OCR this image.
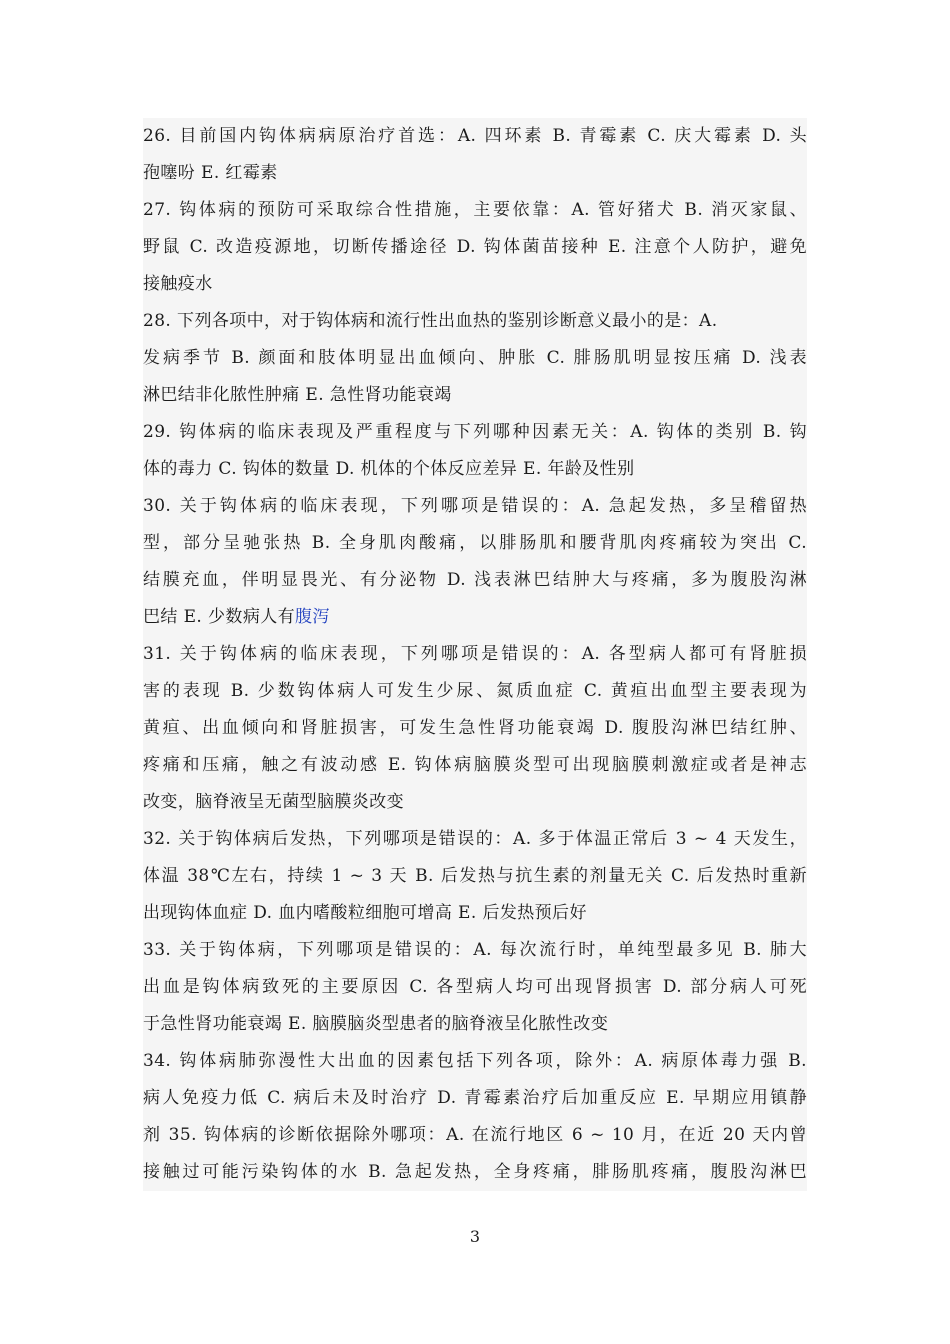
26. 目前国内钩体病病原治疗首选：A. 四环素 B. 青霉素 C. 庆大霉素 D. 头
孢噻吩 E. 红霉素
27. 钩体病的预防可采取综合性措施，主要依靠：A. 管好猪犬 B. 消灭家鼠、
野鼠 C. 改造疫源地，切断传播途径 D. 钩体菌苗接种 E. 注意个人防护，避免
接触疫水
28. 下列各项中，对于钩体病和流行性出血热的鉴别诊断意义最小的是：A.
发病季节 B. 颜面和肢体明显出血倾向、肿胀 C. 腓肠肌明显按压痛 D. 浅表
淋巴结非化脓性肿痛 E. 急性肾功能衰竭
29. 钩体病的临床表现及严重程度与下列哪种因素无关：A. 钩体的类别 B. 钩
体的毒力 C. 钩体的数量 D. 机体的个体反应差异 E. 年龄及性别
30. 关于钩体病的临床表现，下列哪项是错误的：A. 急起发热，多呈稽留热
型，部分呈驰张热 B. 全身肌肉酸痛，以腓肠肌和腰背肌肉疼痛较为突出 C.
结膜充血，伴明显畏光、有分泌物 D. 浅表淋巴结肿大与疼痛，多为腹股沟淋
巴结 E. 少数病人有腹泻
31. 关于钩体病的临床表现，下列哪项是错误的：A. 各型病人都可有肾脏损
害的表现 B. 少数钩体病人可发生少尿、氮质血症 C. 黄疸出血型主要表现为
黄疸、出血倾向和肾脏损害，可发生急性肾功能衰竭 D. 腹股沟淋巴结红肿、
疼痛和压痛，触之有波动感 E. 钩体病脑膜炎型可出现脑膜刺激症或者是神志
改变，脑脊液呈无菌型脑膜炎改变
32. 关于钩体病后发热，下列哪项是错误的：A. 多于体温正常后 3 ~ 4 天发生，
体温 38℃左右，持续 1 ~ 3 天 B. 后发热与抗生素的剂量无关 C. 后发热时重新
出现钩体血症 D. 血内嗜酸粒细胞可增高 E. 后发热预后好
33. 关于钩体病，下列哪项是错误的：A. 每次流行时，单纯型最多见 B. 肺大
出血是钩体病致死的主要原因 C. 各型病人均可出现肾损害 D. 部分病人可死
于急性肾功能衰竭 E. 脑膜脑炎型患者的脑脊液呈化脓性改变
34. 钩体病肺弥漫性大出血的因素包括下列各项，除外：A. 病原体毒力强 B.
病人免疫力低 C. 病后未及时治疗 D. 青霉素治疗后加重反应 E. 早期应用镇静
剂 35. 钩体病的诊断依据除外哪项：A. 在流行地区 6 ~ 10 月，在近 20 天内曾
接触过可能污染钩体的水 B. 急起发热，全身疼痛，腓肠肌疼痛，腹股沟淋巴
3
